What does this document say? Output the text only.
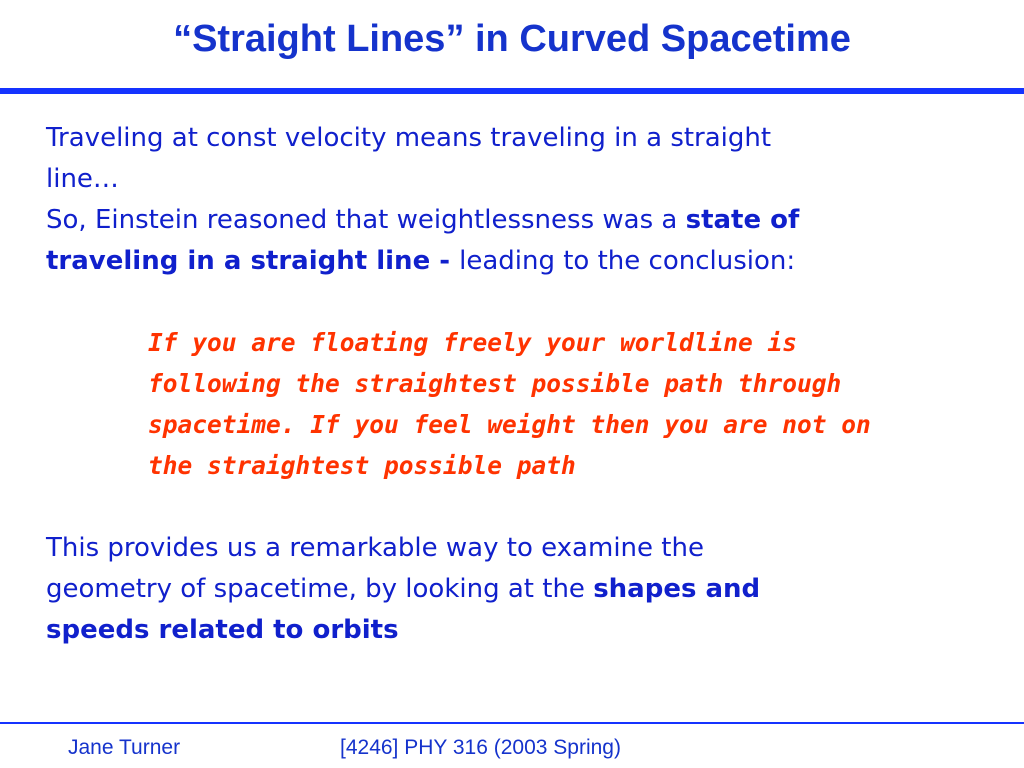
“Straight Lines” in Curved Spacetime
Traveling at const velocity means traveling in a straight
line…
So, Einstein reasoned that weightlessness was a state of
traveling in a straight line - leading to the conclusion:
If you are floating freely your worldline is
following the straightest possible path through
spacetime. If you feel weight then you are not on
the straightest possible path
This provides us a remarkable way to examine the
geometry of spacetime, by looking at the shapes and
speeds related to orbits
Jane Turner	[4246] PHY 316 (2003 Spring)
